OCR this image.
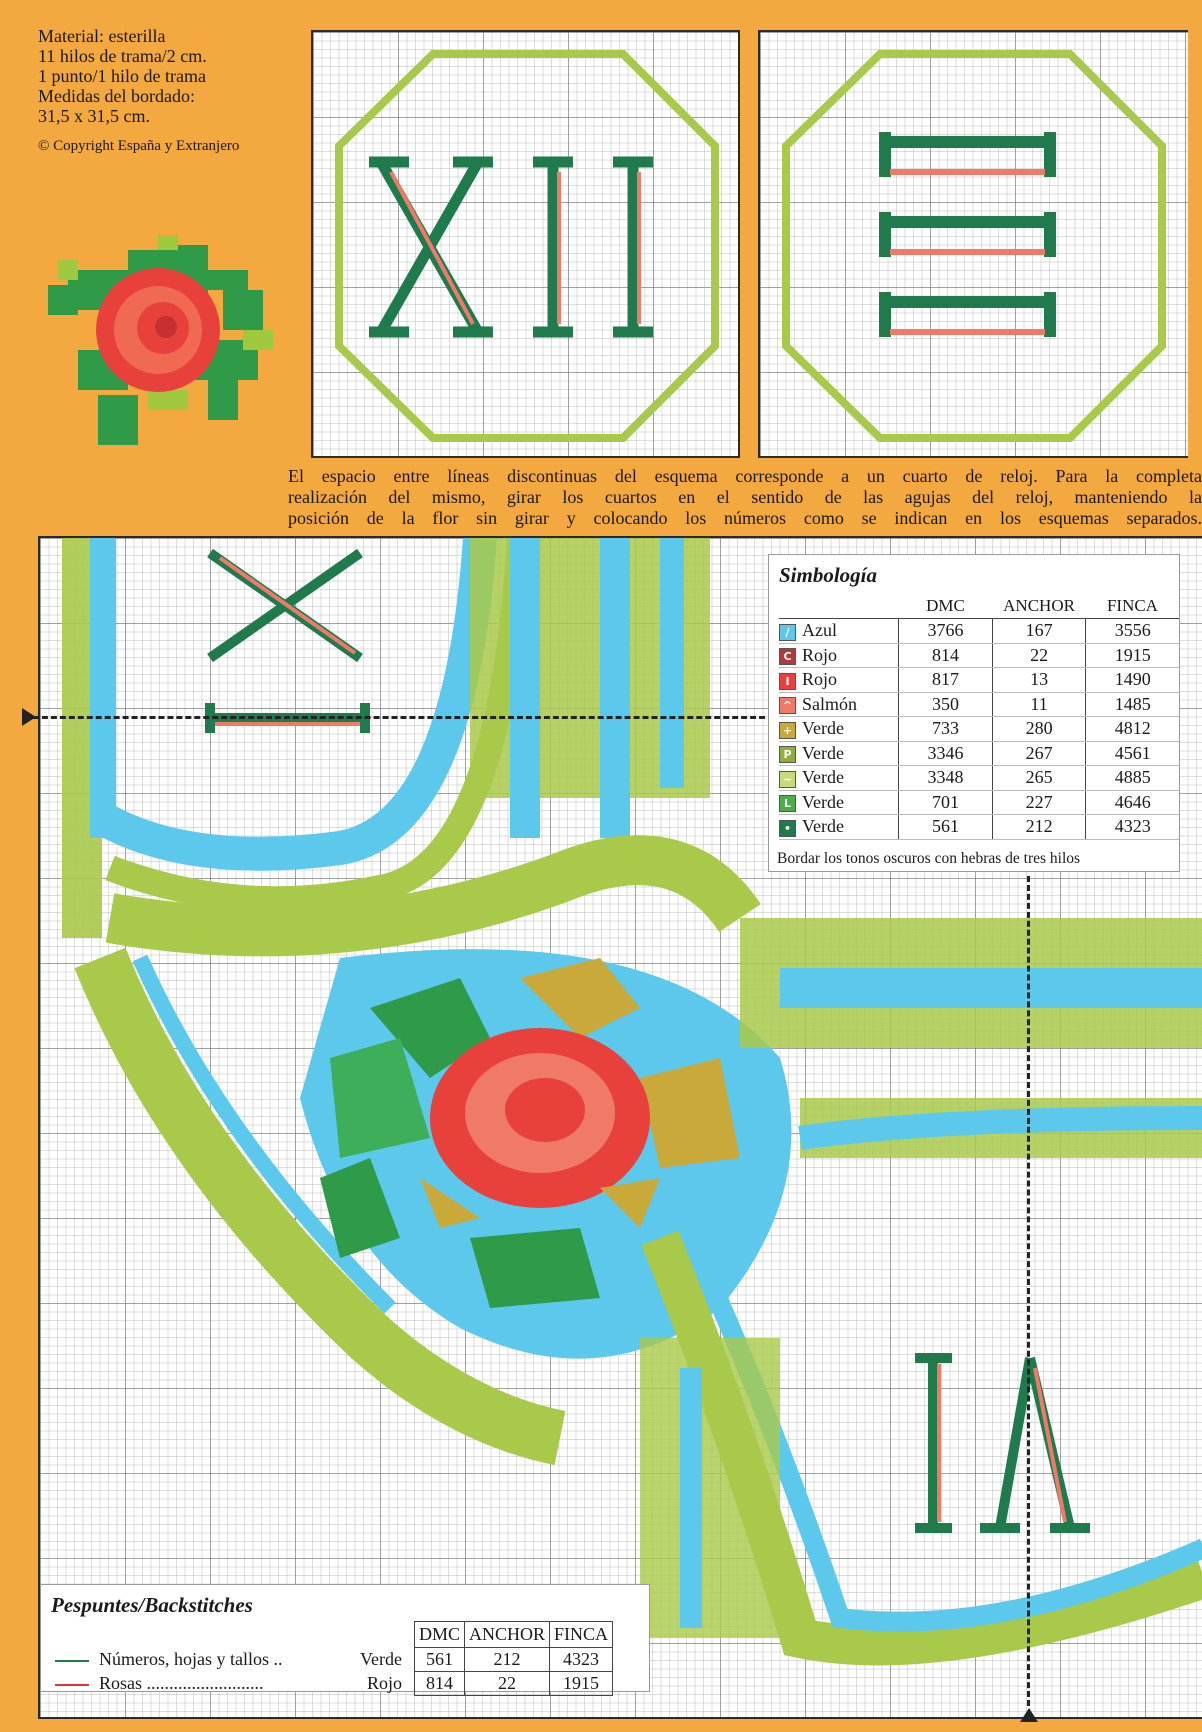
Material: esterilla
11 hilos de trama/2 cm.
1 punto/1 hilo de trama
Medidas del bordado:
31,5 x 31,5 cm.
© Copyright España y Extranjero
El espacio entre líneas discontinuas del esquema corresponde a un cuarto de reloj. Para la completa
realización del mismo, girar los cuartos en el sentido de las agujas del reloj, manteniendo la
posición de la flor sin girar y colocando los números como se indican en los esquemas separados.
Simbología
	DMC	ANCHOR	FINCA
/ Azul	3766	167	3556
C Rojo	814	22	1915
I Rojo	817	13	1490
^ Salmón	350	11	1485
+ Verde	733	280	4812
P Verde	3346	267	4561
~ Verde	3348	265	4885
L Verde	701	227	4646
• Verde	561	212	4323
Bordar los tonos oscuros con hebras de tres hilos
Pespuntes/Backstitches
	DMC	ANCHOR	FINCA
Números, hojas y tallos .. Verde	561	212	4323
Rosas .......................... Rojo	814	22	1915
